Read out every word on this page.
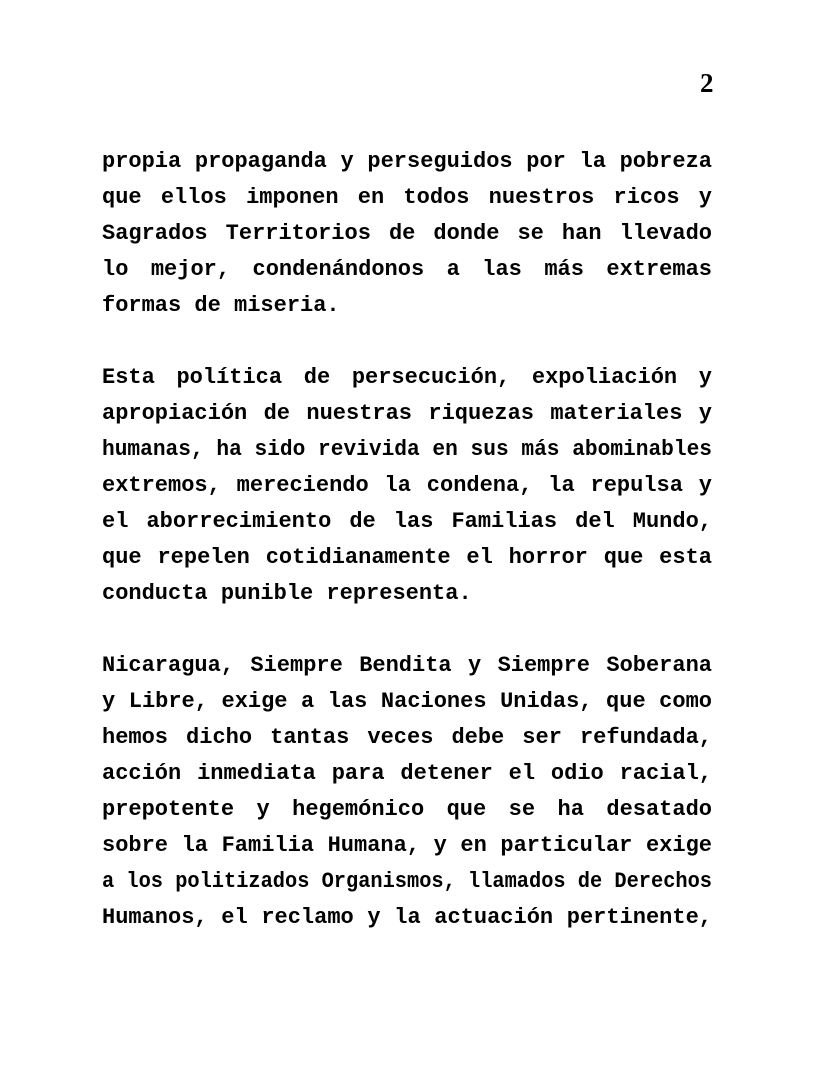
2
propia propaganda y perseguidos por la pobreza
que ellos imponen en todos nuestros ricos y
Sagrados Territorios de donde se han llevado
lo mejor, condenándonos a las más extremas
formas de miseria.
Esta política de persecución, expoliación y
apropiación de nuestras riquezas materiales y
humanas, ha sido revivida en sus más abominables
extremos, mereciendo la condena, la repulsa y
el aborrecimiento de las Familias del Mundo,
que repelen cotidianamente el horror que esta
conducta punible representa.
Nicaragua, Siempre Bendita y Siempre Soberana
y Libre, exige a las Naciones Unidas, que como
hemos dicho tantas veces debe ser refundada,
acción inmediata para detener el odio racial,
prepotente y hegemónico que se ha desatado
sobre la Familia Humana, y en particular exige
a los politizados Organismos, llamados de Derechos
Humanos, el reclamo y la actuación pertinente,
